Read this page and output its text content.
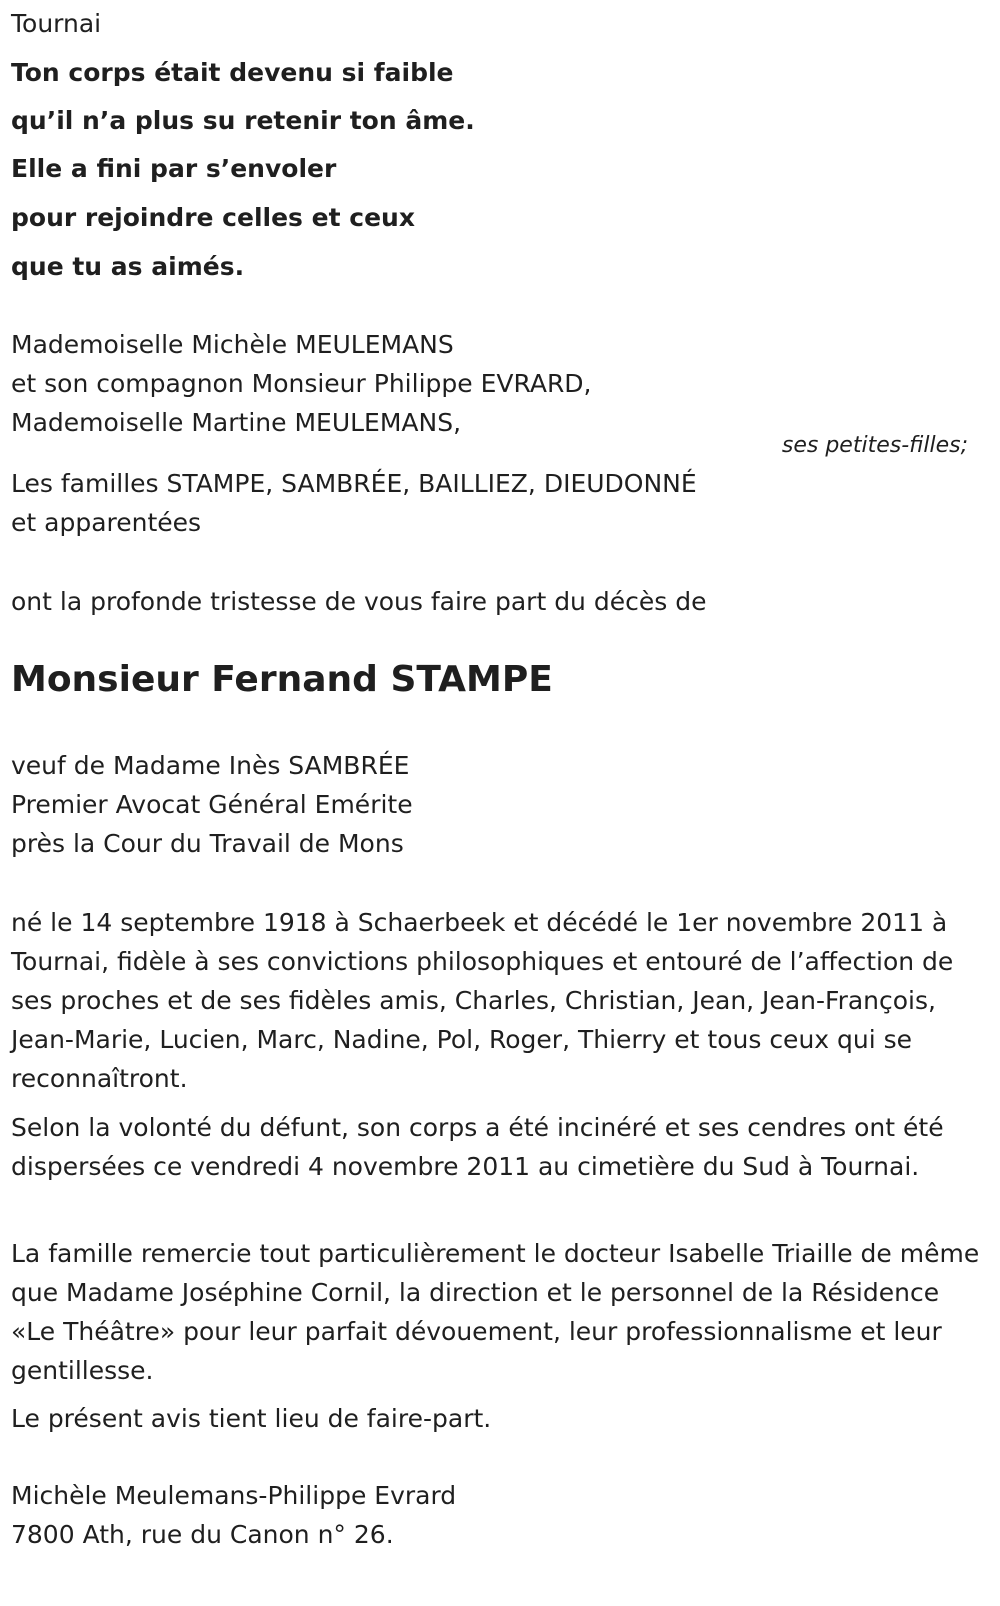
Tournai

Ton corps était devenu si faible

qu’il n’a plus su retenir ton âme.

Elle a fini par s’envoler

pour rejoindre celles et ceux

que tu as aimés.

Mademoiselle Michèle MEULEMANS

et son compagnon Monsieur Philippe EVRARD,

Mademoiselle Martine MEULEMANS,

ses petites-filles;

Les familles STAMPE, SAMBRÉE, BAILLIEZ, DIEUDONNÉ

et apparentées

ont la profonde tristesse de vous faire part du décès de

Monsieur Fernand STAMPE

veuf de Madame Inès SAMBRÉE

Premier Avocat Général Emérite

près la Cour du Travail de Mons

né le 14 septembre 1918 à Schaerbeek et décédé le 1er novembre 2011 à Tournai, fidèle à ses convictions philosophiques et entouré de l’affection de ses proches et de ses fidèles amis, Charles, Christian, Jean, Jean-François, Jean-Marie, Lucien, Marc, Nadine, Pol, Roger, Thierry et tous ceux qui se reconnaîtront.

Selon la volonté du défunt, son corps a été incinéré et ses cendres ont été dispersées ce vendredi 4 novembre 2011 au cimetière du Sud à Tournai.

La famille remercie tout particulièrement le docteur Isabelle Triaille de même que Madame Joséphine Cornil, la direction et le personnel de la Résidence «Le Théâtre» pour leur parfait dévouement, leur professionnalisme et leur gentillesse.

Le présent avis tient lieu de faire-part.

Michèle Meulemans-Philippe Evrard

7800 Ath, rue du Canon n° 26.
